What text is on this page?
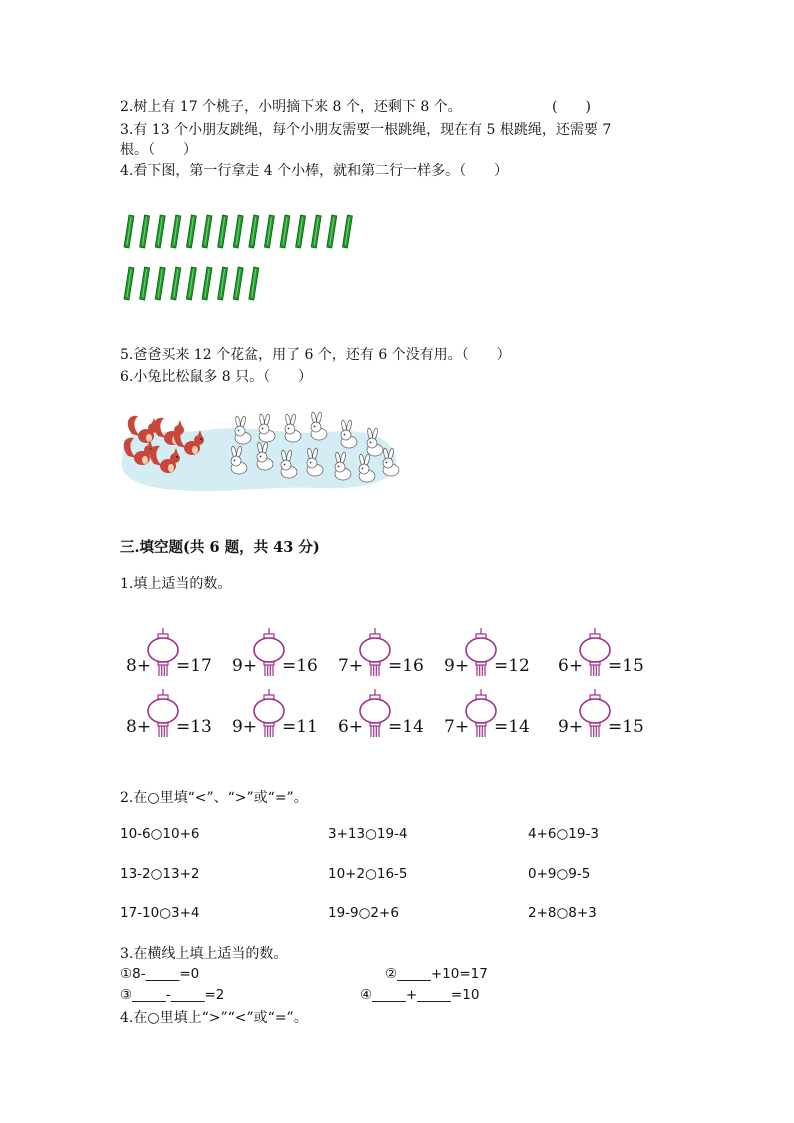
2.树上有 17 个桃子，小明摘下来 8 个，还剩下 8 个。	(　　)
3.有 13 个小朋友跳绳，每个小朋友需要一根跳绳，现在有 5 根跳绳，还需要 7
根。（　　）
4.看下图，第一行拿走 4 个小棒，就和第二行一样多。（　　）
5.爸爸买来 12 个花盆，用了 6 个，还有 6 个没有用。（　　）
6.小兔比松鼠多 8 只。（　　）
三.填空题(共 6 题，共 43 分)
1.填上适当的数。
8+ =17 9+ =16 7+ =16 9+ =12 6+ =15
8+ =13 9+ =11 6+ =14 7+ =14 9+ =15
2.在○里填“<”、“>”或“=”。
10-6○10+6	3+13○19-4	4+6○19-3
13-2○13+2	10+2○16-5	0+9○9-5
17-10○3+4	19-9○2+6	2+8○8+3
3.在横线上填上适当的数。
①8-_____=0	②_____+10=17
③_____-_____=2	④_____+_____=10
4.在○里填上“>”“<”或“=”。
